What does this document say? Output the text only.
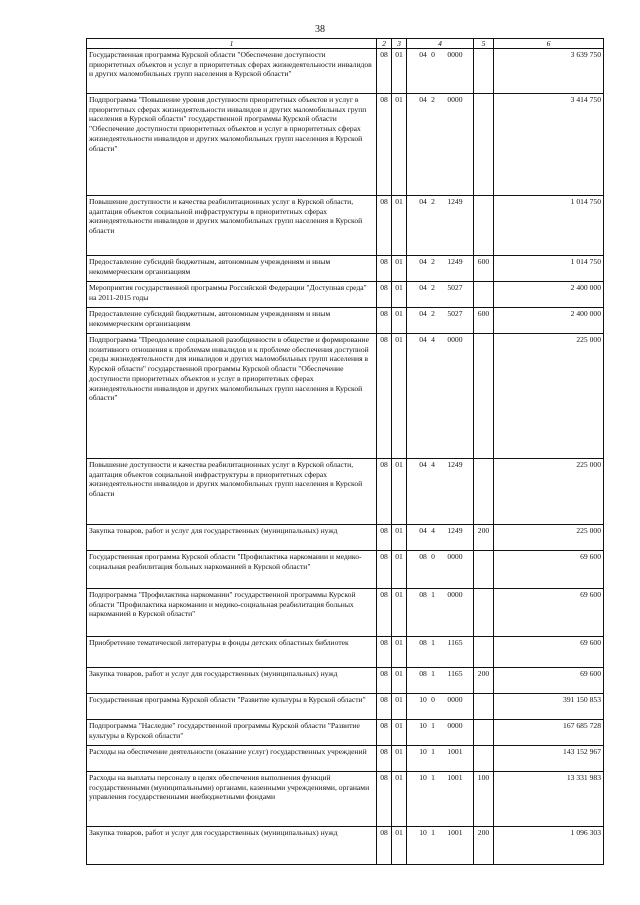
38
1	2	3	4	5	6
Государственная программа Курской области "Обеспечение доступности приоритетных объектов и услуг в приоритетных сферах жизнедеятельности инвалидов и других маломобильных групп населения в Курской области"	08	01	04 0 0000		3 639 750
Подпрограмма "Повышение уровня доступности приоритетных объектов и услуг в приоритетных сферах жизнедеятельности инвалидов и других маломобильных групп населения в Курской области" государственной программы Курской области "Обеспечение доступности приоритетных объектов и услуг в приоритетных сферах жизнедеятельности инвалидов и других маломобильных групп населения в Курской области"	08	01	04 2 0000		3 414 750
Повышение доступности и качества реабилитационных услуг в Курской области, адаптация объектов социальной инфраструктуры в приоритетных сферах жизнедеятельности инвалидов и других маломобильных групп населения в Курской области	08	01	04 2 1249		1 014 750
Предоставление субсидий бюджетным, автономным учреждениям и иным некоммерческим организациям	08	01	04 2 1249	600	1 014 750
Мероприятия государственной программы Российской Федерации "Доступная среда" на 2011-2015 годы	08	01	04 2 5027		2 400 000
Предоставление субсидий бюджетным, автономным учреждениям и иным некоммерческим организациям	08	01	04 2 5027	600	2 400 000
Подпрограмма "Преодоление социальной разобщенности в обществе и формирование позитивного отношения к проблемам инвалидов и к проблеме обеспечения доступной среды жизнедеятельности для инвалидов и других маломобильных групп населения в Курской области" государственной программы Курской области "Обеспечение доступности приоритетных объектов и услуг в приоритетных сферах жизнедеятельности инвалидов и других маломобильных групп населения в Курской области"	08	01	04 4 0000		225 000
Повышение доступности и качества реабилитационных услуг в Курской области, адаптация объектов социальной инфраструктуры в приоритетных сферах жизнедеятельности инвалидов и других маломобильных групп населения в Курской области	08	01	04 4 1249		225 000
Закупка товаров, работ и услуг для государственных (муниципальных) нужд	08	01	04 4 1249	200	225 000
Государственная программа Курской области "Профилактика наркомании и медико-социальная реабилитация больных наркоманией в Курской области"	08	01	08 0 0000		69 600
Подпрограмма "Профилактика наркомании" государственной программы Курской области "Профилактика наркомании и медико-социальная реабилитация больных наркоманией в Курской области"	08	01	08 1 0000		69 600
Приобретение тематической литературы в фонды детских областных библиотек	08	01	08 1 1165		69 600
Закупка товаров, работ и услуг для государственных (муниципальных) нужд	08	01	08 1 1165	200	69 600
Государственная программа Курской области "Развитие культуры в Курской области"	08	01	10 0 0000		391 150 853
Подпрограмма "Наследие" государственной программы Курской области "Развитие культуры в Курской области"	08	01	10 1 0000		167 685 728
Расходы на обеспечение деятельности (оказание услуг) государственных учреждений	08	01	10 1 1001		143 152 967
Расходы на выплаты персоналу в целях обеспечения выполнения функций государственными (муниципальными) органами, казенными учреждениями, органами управления государственными внебюджетными фондами	08	01	10 1 1001	100	13 331 983
Закупка товаров, работ и услуг для государственных (муниципальных) нужд	08	01	10 1 1001	200	1 096 303
